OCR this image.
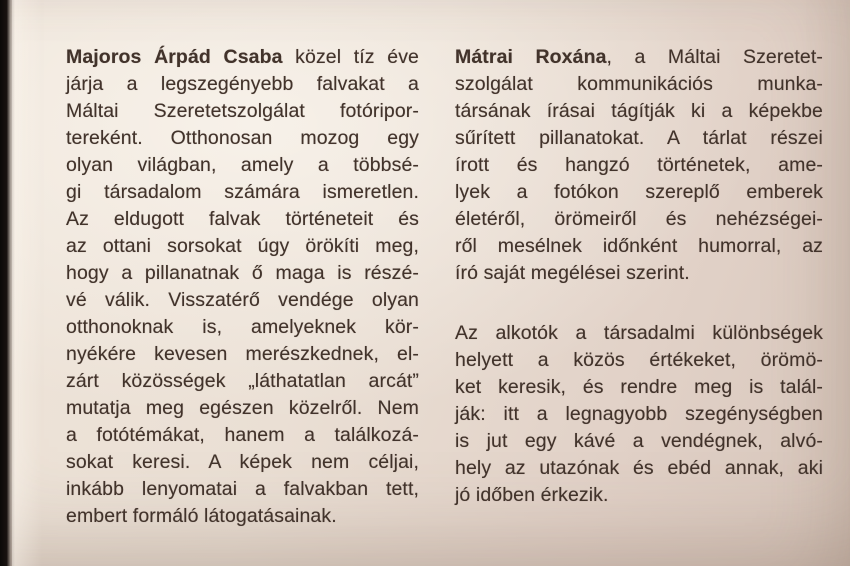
Majoros Árpád Csaba közel tíz éve
járja a legszegényebb falvakat a
Máltai Szeretetszolgálat fotóripor-
tereként. Otthonosan mozog egy
olyan világban, amely a többsé-
gi társadalom számára ismeretlen.
Az eldugott falvak történeteit és
az ottani sorsokat úgy örökíti meg,
hogy a pillanatnak ő maga is részé-
vé válik. Visszatérő vendége olyan
otthonoknak is, amelyeknek kör-
nyékére kevesen merészkednek, el-
zárt közösségek „láthatatlan arcát”
mutatja meg egészen közelről. Nem
a fotótémákat, hanem a találkozá-
sokat keresi. A képek nem céljai,
inkább lenyomatai a falvakban tett,
embert formáló látogatásainak.
Mátrai Roxána, a Máltai Szeretet-
szolgálat kommunikációs munka-
társának írásai tágítják ki a képekbe
sűrített pillanatokat. A tárlat részei
írott és hangzó történetek, ame-
lyek a fotókon szereplő emberek
életéről, örömeiről és nehézségei-
ről mesélnek időnként humorral, az
író saját megélései szerint.
Az alkotók a társadalmi különbségek
helyett a közös értékeket, örömö-
ket keresik, és rendre meg is talál-
ják: itt a legnagyobb szegénységben
is jut egy kávé a vendégnek, alvó-
hely az utazónak és ebéd annak, aki
jó időben érkezik.
